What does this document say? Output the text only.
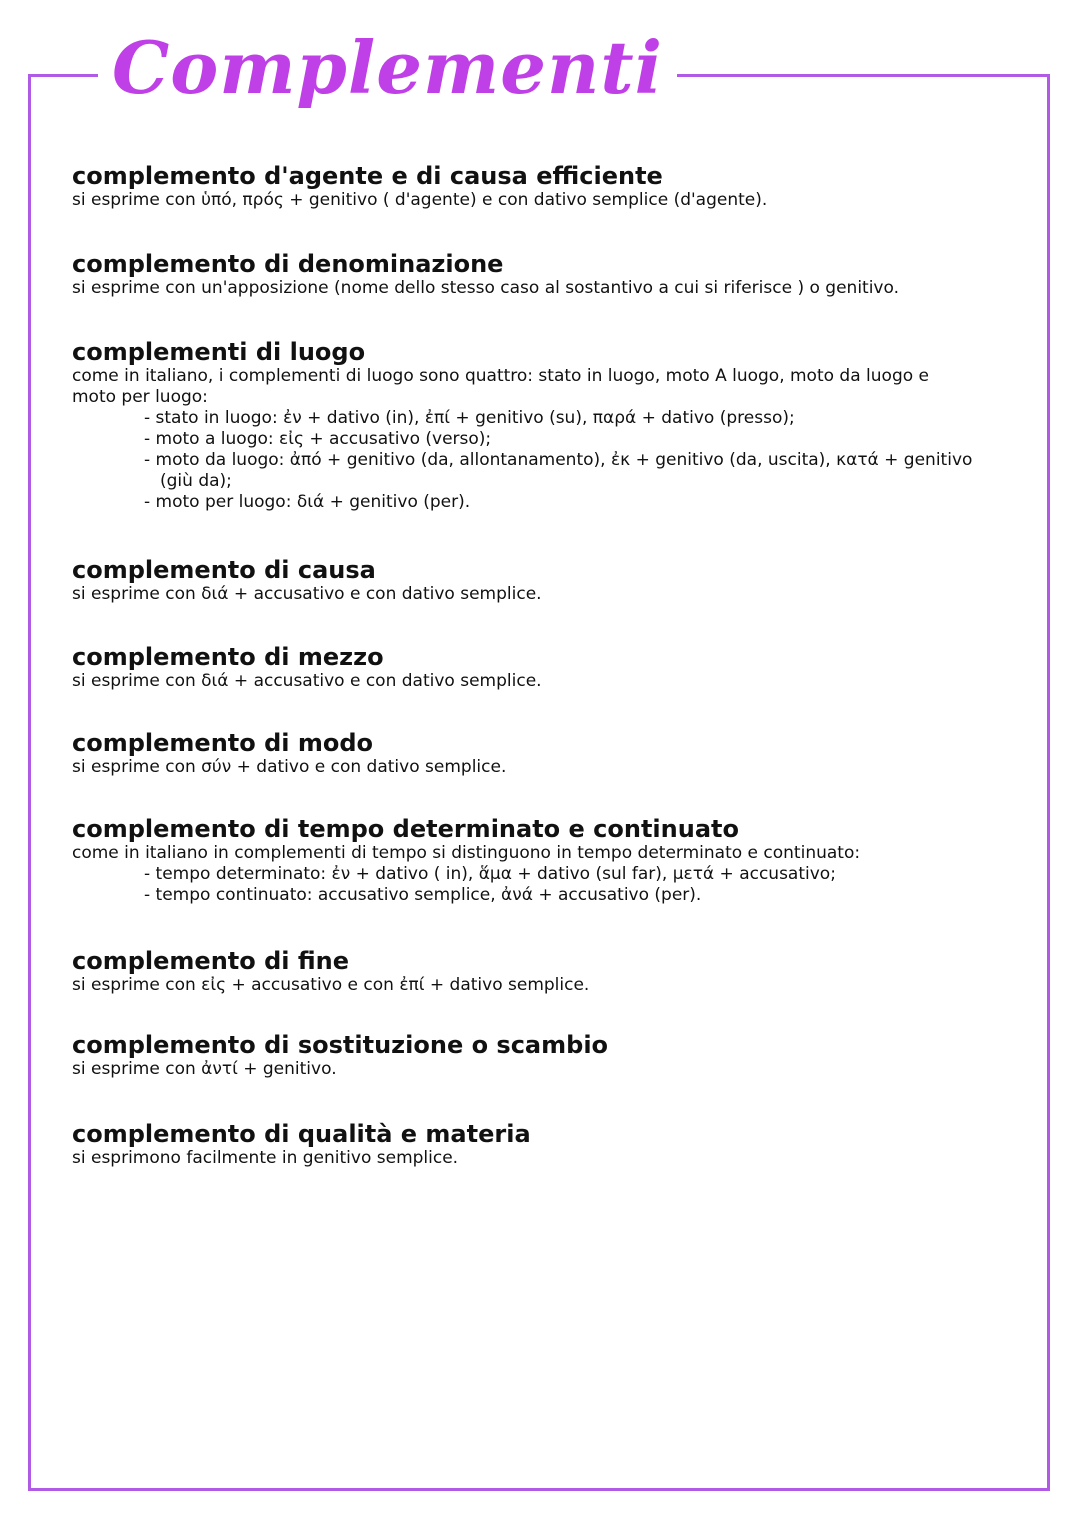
Complementi

complemento d'agente e di causa efficiente

si esprime con ὑπό, πρός + genitivo ( d'agente) e con dativo semplice (d'agente).

complemento di denominazione

si esprime con un'apposizione (nome dello stesso caso al sostantivo a cui si riferisce ) o genitivo.

complementi di luogo

come in italiano, i complementi di luogo sono quattro: stato in luogo, moto A luogo, moto da luogo e

moto per luogo:

- stato in luogo: ἐν + dativo (in), ἐπί + genitivo (su), παρά + dativo (presso);
- moto a luogo: εἰς + accusativo (verso);
- moto da luogo: ἀπό + genitivo (da, allontanamento), ἐκ + genitivo (da, uscita), κατά + genitivo
(giù da);
- moto per luogo: διά + genitivo (per).

complemento di causa

si esprime con διά + accusativo e con dativo semplice.

complemento di mezzo

si esprime con διά + accusativo e con dativo semplice.

complemento di modo

si esprime con σύν + dativo e con dativo semplice.

complemento di tempo determinato e continuato

come in italiano in complementi di tempo si distinguono in tempo determinato e continuato:

- tempo determinato: ἐν + dativo ( in), ἅμα + dativo (sul far), μετά + accusativo;
- tempo continuato: accusativo semplice, ἀνά + accusativo (per).

complemento di fine

si esprime con εἰς + accusativo e con ἐπί + dativo semplice.

complemento di sostituzione o scambio

si esprime con ἀντί + genitivo.

complemento di qualità e materia

si esprimono facilmente in genitivo semplice.
